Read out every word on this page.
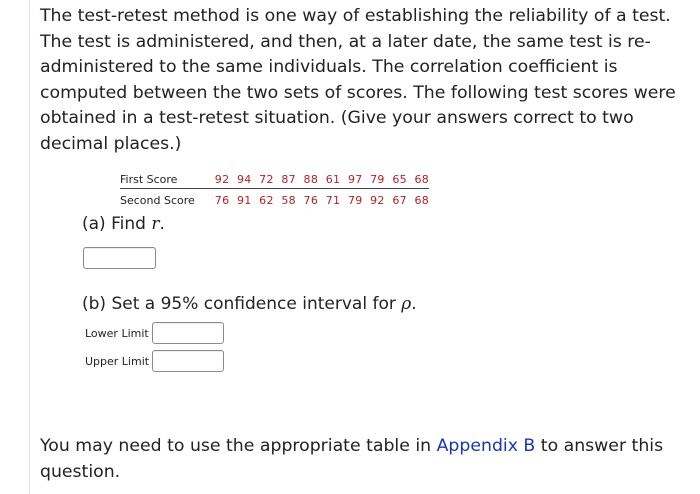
The test-retest method is one way of establishing the reliability of a test. The test is administered, and then, at a later date, the same test is re-administered to the same individuals. The correlation coefficient is computed between the two sets of scores. The following test scores were obtained in a test-retest situation. (Give your answers correct to two decimal places.)
First Score	92  94  72  87  88  61  97  79  65  68
Second Score	76  91  62  58  76  71  79  92  67  68
(a) Find r.
(b) Set a 95% confidence interval for ρ.
Lower Limit
Upper Limit
You may need to use the appropriate table in Appendix B to answer this question.
